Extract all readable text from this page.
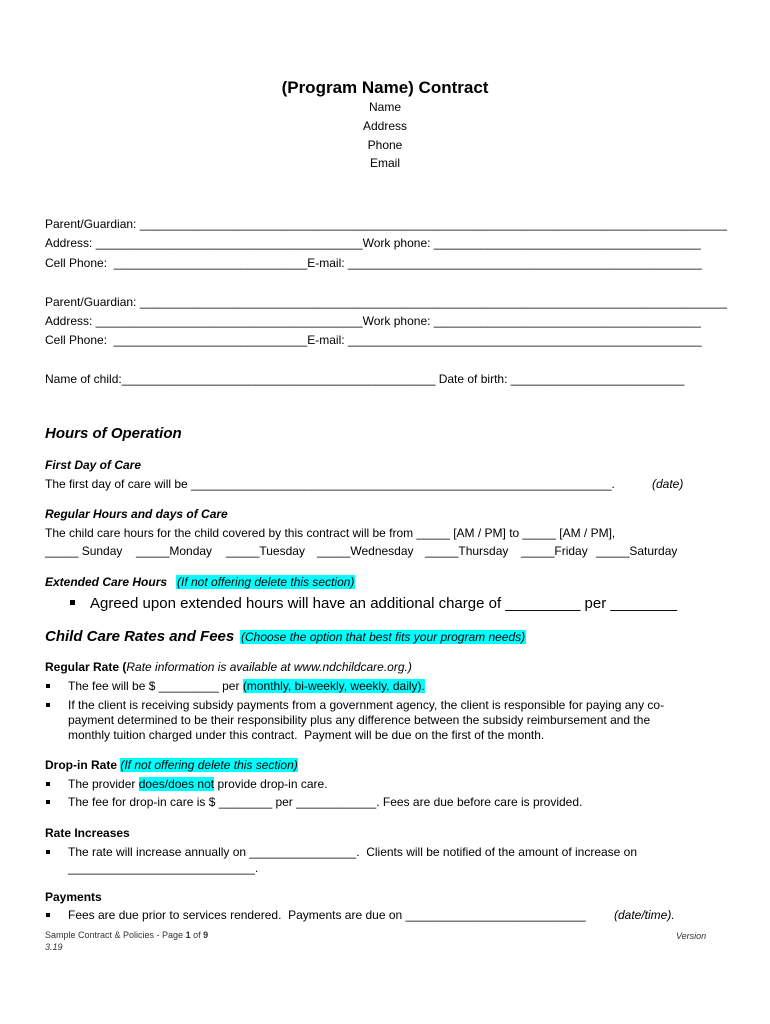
(Program Name) Contract
Name
Address
Phone
Email
Parent/Guardian: ________________________________________________________________________________________
Address: ________________________________________Work phone: ________________________________________
Cell Phone:  _____________________________E-mail: _____________________________________________________
Parent/Guardian: ________________________________________________________________________________________
Address: ________________________________________Work phone: ________________________________________
Cell Phone:  _____________________________E-mail: _____________________________________________________
Name of child:_______________________________________________ Date of birth: __________________________
Hours of Operation
First Day of Care
The first day of care will be _______________________________________________________________.	(date)
Regular Hours and days of Care
The child care hours for the child covered by this contract will be from _____ [AM / PM] to _____ [AM / PM],
_____ Sunday _____Monday _____Tuesday _____Wednesday _____Thursday _____Friday _____Saturday
Extended Care Hours (If not offering delete this section)
Agreed upon extended hours will have an additional charge of _________ per ________
Child Care Rates and Fees (Choose the option that best fits your program needs)
Regular Rate (Rate information is available at www.ndchildcare.org.)
The fee will be $ _________ per (monthly, bi-weekly, weekly, daily).
If the client is receiving subsidy payments from a government agency, the client is responsible for paying any co-
payment determined to be their responsibility plus any difference between the subsidy reimbursement and the
monthly tuition charged under this contract.  Payment will be due on the first of the month.
Drop-in Rate (If not offering delete this section)
The provider does/does not provide drop-in care.
The fee for drop-in care is $ ________ per ____________. Fees are due before care is provided.
Rate Increases
The rate will increase annually on ________________.  Clients will be notified of the amount of increase on
____________________________.
Payments
Fees are due prior to services rendered.  Payments are due on ___________________________ (date/time).
Sample Contract & Policies - Page 1 of 9	Version
3.19
